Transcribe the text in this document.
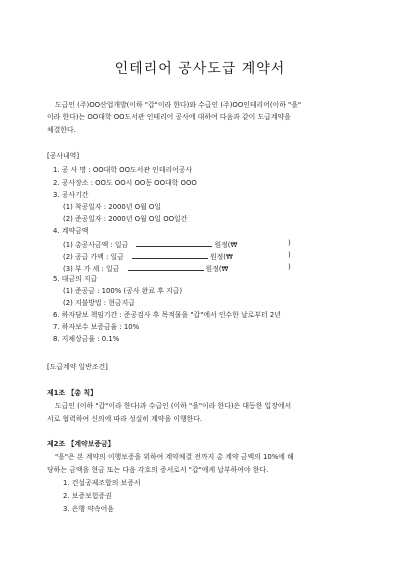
인테리어 공사도급 계약서
도급인 (주)OO산업개발(이하 "갑"이라 한다)와 수급인 (주)OO인테리어(이하 "을"
이라 한다)는 OO대학 OO도서관 인테리어 공사에 대하여 다음과 같이 도급계약을
체결한다.
[공사내역]
1. 공 사 명 : OO대학 OO도서관 인테리어공사
2. 공사장소 : OO도 OO시 OO동 OO대학 OOO
3. 공사기간
(1) 착공일자 : 2000년 O월 O일
(2) 준공일자 : 2000년 O월 O일 OO일간
4. 계약금액
(1) 총공사금액 : 일금	원정(₩	)
(2) 공급 가액 : 일금	원정(₩	)
(3) 부 가 세 : 일금	원정(₩	)
5. 대금의 지급
(1) 준공금 : 100% (공사 완료 후 지급)
(2) 지불방법 : 현금지급
6. 하자담보 책임기간 : 준공검사 후 목적물을 "갑"에서 인수한 날로부터 2년
7. 하자보수 보증금율 : 10%
8. 지체상금율 : 0.1%
[도급계약 일반조건]
제1조 【총 칙】
도급인 (이하 "갑"이라 한다)과 수급인 (이하 "을"이라 한다)은 대등한 입장에서
서로 협력하여 신의에 따라 성실히 계약을 이행한다.
제2조 【계약보증금】
"을"은 본 계약의 이행보증을 위하여 계약체결 전까지 총 계약 금액의 10%에 해
당하는 금액을 현금 또는 다음 각호의 증서로서 "갑"에게 납부하여야 한다.
1. 건설공제조합의 보증서
2. 보증보험증권
3. 은행 약속어음
